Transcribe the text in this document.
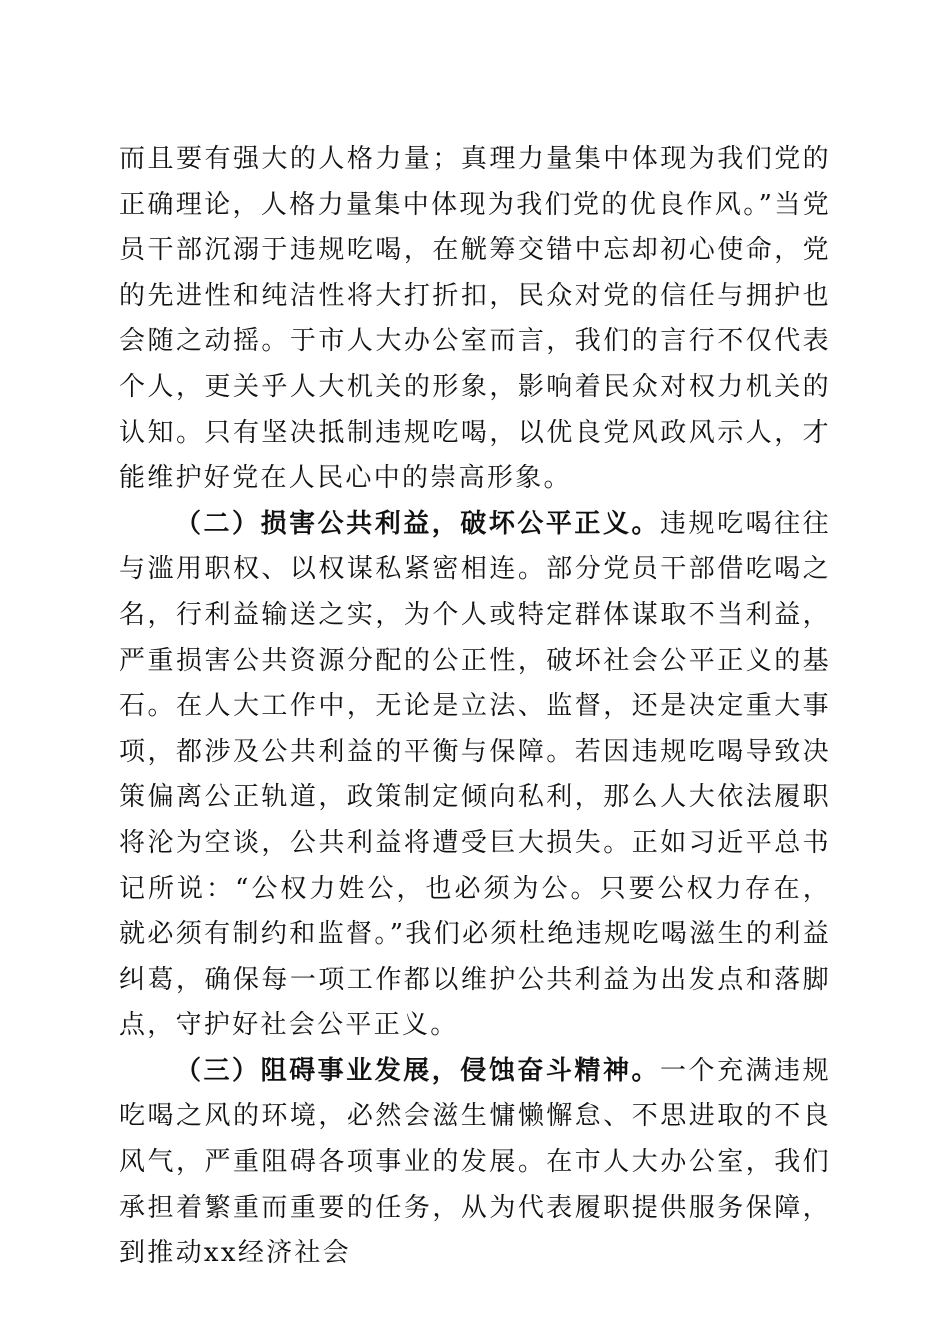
而且要有强大的人格力量；真理力量集中体现为我们党的正确理论，人格力量集中体现为我们党的优良作风。”当党员干部沉溺于违规吃喝，在觥筹交错中忘却初心使命，党的先进性和纯洁性将大打折扣，民众对党的信任与拥护也会随之动摇。于市人大办公室而言，我们的言行不仅代表个人，更关乎人大机关的形象，影响着民众对权力机关的认知。只有坚决抵制违规吃喝，以优良党风政风示人，才能维护好党在人民心中的崇高形象。

（二）损害公共利益，破坏公平正义。违规吃喝往往与滥用职权、以权谋私紧密相连。部分党员干部借吃喝之名，行利益输送之实，为个人或特定群体谋取不当利益，严重损害公共资源分配的公正性，破坏社会公平正义的基石。在人大工作中，无论是立法、监督，还是决定重大事项，都涉及公共利益的平衡与保障。若因违规吃喝导致决策偏离公正轨道，政策制定倾向私利，那么人大依法履职将沦为空谈，公共利益将遭受巨大损失。正如习近平总书记所说：“公权力姓公，也必须为公。只要公权力存在，就必须有制约和监督。”我们必须杜绝违规吃喝滋生的利益纠葛，确保每一项工作都以维护公共利益为出发点和落脚点，守护好社会公平正义。

（三）阻碍事业发展，侵蚀奋斗精神。一个充满违规吃喝之风的环境，必然会滋生慵懒懈怠、不思进取的不良风气，严重阻碍各项事业的发展。在市人大办公室，我们承担着繁重而重要的任务，从为代表履职提供服务保障，到推动xx经济社会
